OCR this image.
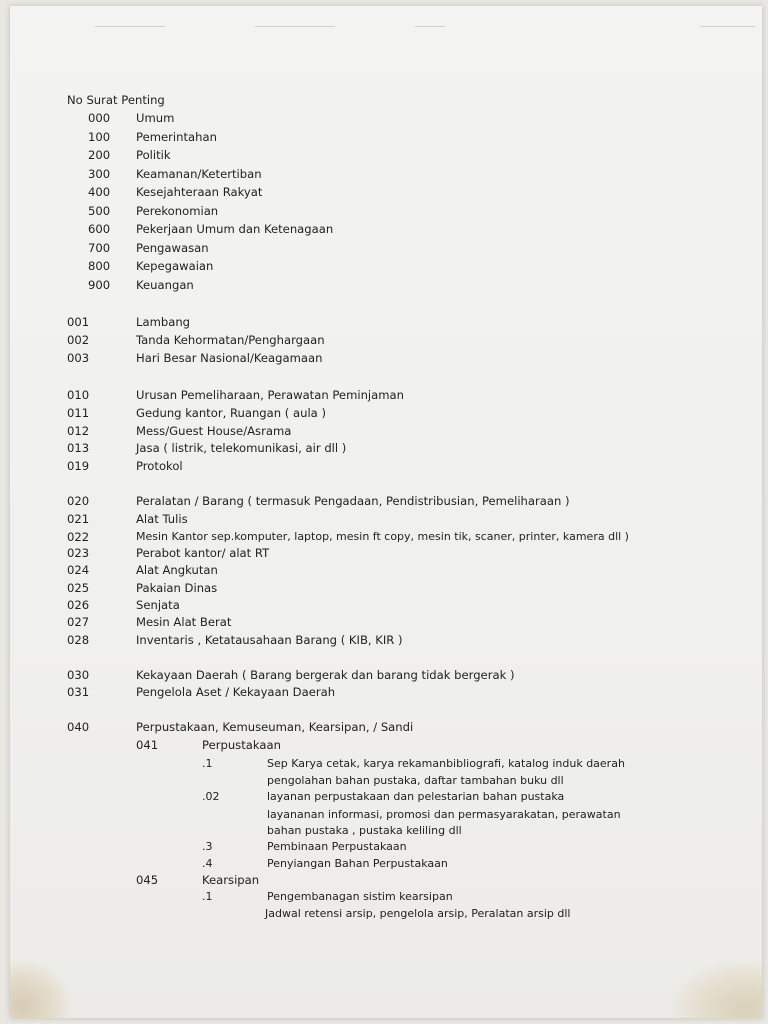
No Surat Penting
000 Umum
100 Pemerintahan
200 Politik
300 Keamanan/Ketertiban
400 Kesejahteraan Rakyat
500 Perekonomian
600 Pekerjaan Umum dan Ketenagaan
700 Pengawasan
800 Kepegawaian
900 Keuangan
001	Lambang
002	Tanda Kehormatan/Penghargaan
003	Hari Besar Nasional/Keagamaan
010	Urusan Pemeliharaan, Perawatan Peminjaman
011	Gedung kantor, Ruangan ( aula )
012	Mess/Guest House/Asrama
013	Jasa ( listrik, telekomunikasi, air dll )
019	Protokol
020	Peralatan / Barang ( termasuk Pengadaan, Pendistribusian, Pemeliharaan )
021	Alat Tulis
022	Mesin Kantor sep.komputer, laptop, mesin ft copy, mesin tik, scaner, printer, kamera dll )
023	Perabot kantor/ alat RT
024	Alat Angkutan
025	Pakaian Dinas
026	Senjata
027	Mesin Alat Berat
028	Inventaris , Ketatausahaan Barang ( KIB, KIR )
030	Kekayaan Daerah ( Barang bergerak dan barang tidak bergerak )
031	Pengelola Aset / Kekayaan Daerah
040	Perpustakaan, Kemuseuman, Kearsipan, / Sandi
041	Perpustakaan
.1	Sep Karya cetak, karya rekamanbibliografi, katalog induk daerah
pengolahan bahan pustaka, daftar tambahan buku dll
.02	layanan perpustakaan dan pelestarian bahan pustaka
layananan informasi, promosi dan permasyarakatan, perawatan
bahan pustaka , pustaka keliling dll
.3	Pembinaan Perpustakaan
.4	Penyiangan Bahan Perpustakaan
045	Kearsipan
.1	Pengembanagan sistim kearsipan
Jadwal retensi arsip, pengelola arsip, Peralatan arsip dll
